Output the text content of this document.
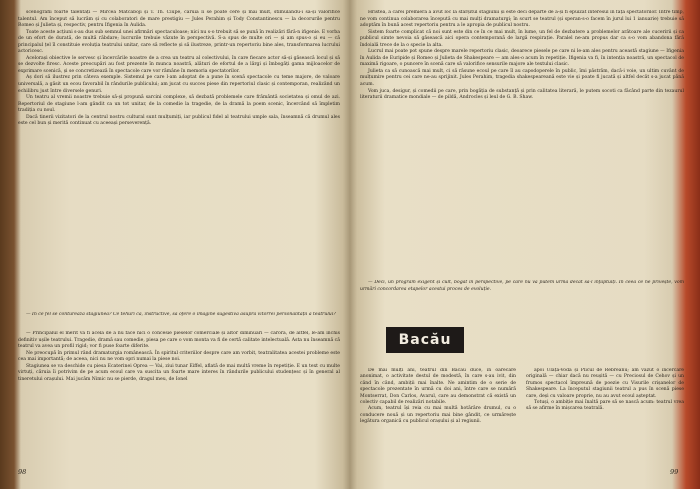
scenografii foarte talentați — Mircea Matcaboji și T. Th. Ciupe, căruia li se poate cere și mai mult, stimulându-i să-și valorifice talentul. Am început să lucrăm și cu colaboratori de mare prestigiu — Jules Perahim și Tody Constantinescu — la decorurile pentru Romeo și Julieta și, respectiv, pentru Ifigenia în Aulida.

Toate aceste acțiuni s-au dus sub semnul unei afirmări spectaculoase; nici nu s-o trebuit să se pună în realizări fără-n ifigenie. E vorba de un efort de durată, de multă răbdare; lucrurile trebuie văzute în perspectivă. S-a spus de multe ori — și am spus-o și eu — că principalul țel îl constituie evoluția teatrului unitar, care să reflecte și să ilustreze, printr-un repertoriu bine ales, transformarea lucrului actoricesc.

Acelorași obiective le servesc și încercările noastre de a crea un teatru al colectivului, în care fiecare actor să-și găsească locul și să se dezvolte firesc. Aceste preocupări au fost prezente în munca noastră, alături de efortul de a lărgi și îmbogăți gama mijloacelor de exprimare scenică, și se concretizează în spectacole care vor rămâne în memoria spectatorilor.

Aș dori să ilustrez prin câteva exemple. Sistemul pe care l-am adoptat de a pune în scenă spectacole cu teme majore, de valoare universală, a găsit un ecou favorabil în rândurile publicului; am jucat cu succes piese din repertoriul clasic și contemporan, realizând un echilibru just între diversele genuri.

Un teatru al vremii noastre trebuie să-și propună sarcini complexe, să dezbată problemele care frământă societatea și omul de azi. Repertoriul de stagiune l-am gândit ca un tot unitar, de la comedie la tragedie, de la dramă la poem scenic, încercând să împletim tradiția cu noul.

Dacă tinerii vizitatori de la centrul nostru cultural sunt mulțumiți, iar publicul fidel al teatrului umple sala, înseamnă că drumul ales este cel bun și merită continuat cu aceeași perseverență.

— În ce fel se conturează stagiunea? Ce tehuri ca, instructive, să ofere o imagine sugestivă asupra vitorrei personalității a teatrului?

— Principalul el merit va fi acela de a nu face nici o concesie pieselor comerciale și altor diminuări — cărora, de altfel, le-am închis definitiv ușile teatrului. Tragedie, dramă sau comedie, piesa pe care o vom monta va fi de certă calitate intelectuală. Asta nu înseamnă că teatrul va avea un profil rigid; vor fi puse foarte diferite.

Ne preocupă în primul rând dramaturgia românească. În spiritul criteriilor despre care am vorbit, teatralitatea acestei probleme este cea mai importantă; de aceea, nici nu ne vom opri numai la piese noi.

Stagiunea se va deschide cu piesa Ecaterinei Oprea — Vai, ziui tunar Eiffel, aflată de mai multă vreme în repetiție. E un text cu multe virtuți, căruia îi potrivim de pe acum ecoul care va suscita un foarte mare interes în rândurile publicului studențesc și în general al tineretului orașului. Mai jucăm Nimic nu se pierde, dragul meu, de Ionel

98

Hristea, a cărei premieră a avut loc la sfârșitul stagiunii și este deci departe de a-și fi epuizat interesul în fața spectatorilor. Între timp, ne vom continua colaborarea începută cu mai mulți dramaturgi; în scurt se teatrul (și speran-s-o facem în jurul lui 1 ianuarie) trebuie să adoptăm în bună acest repertoriu pentru a le apropia de publicul nostru.

Sistem foarte complicat că noi sunt este din ce în ce mai mult, în lume, un fel de dezbatere a problemelor arătoare ale cuceririi și ca publicul simte nevoia să găsească aici opera contemporană de largă respirație. Paralel ne-am propus dar ca s-o vom abandona fără îndoială trece de la o specie la alta.

Lucrul mai poate pot spune despre marele repertoriu clasic, deoarece piesele pe care ni le-am ales pentru această stagiune — Ifigenia în Aulida de Euripide și Romeo și Julieta de Shakespeare — am ales-o acum în repetiție. Ifigenia va fi, în intenția noastră, un spectacol de maximă rigoare, o puncere în scenă care să valorifice sensurile majore ale textului clasic.

Julieta ca să cunoască mai mult, ci să răsune ecoul pe care îl au capodoperele în public, îmi păstrăm, dacă-i voie, un ultim cuvânt de mulțumire pentru cei care ne-au sprijinit. Jules Perahim, tragedia shakespeareană este vie și poate fi jucată și altfel decât s-a jucat până acum.

Vom juca, desigur, și comedii pe care, prin bogăția de substanță și prin calitatea literară, le putem socoti ca făcând parte din tezaurul literaturii dramatice mondiale — de pildă, Androcles și leul de G. B. Shaw.

— Deci, un program exigent și cult, bogat în perspective, pe care nu vă putem urma decât să-l înfăptuiți. În ceea ce ne privește, vom urmări concordarea etapelor acestui proces de evoluție.

Bacău

De mai mulți ani, teatrul din Bacău duce, în oarecare anonimat, o activitate destul de modestă, în care s-au ivit, din când în când, ambiții mai înalte. Ne amintim de o serie de spectacole prezentate în urmă cu doi ani, între care se numără Montserrat, Don Carlos, Avarul, care au demonstrat că există un colectiv capabil de realizări notabile.

Acum, teatrul își reia cu mai multă hotărâre drumul, cu o conducere nouă și un repertoriu mai bine gândit, ce urmărește legătura organică cu publicul orașului și al regiunii.

apoi Ulața-Vodă și Plicul de Rebreanu; am văzut o încercare originală — chiar dacă nu reușită — cu Preciosul de Cehov și un frumos spectacol împreună de poezie cu Visurile crișanelor de Shakespeare. La începutul stagiunii teatrul a pus în scenă piese care, deși cu valoare proprie, nu au avut ecoul așteptat.

Totuși, o ambiție mai înaltă pare să se nască acum: teatrul vrea să se afirme în mișcarea teatrală.

99
